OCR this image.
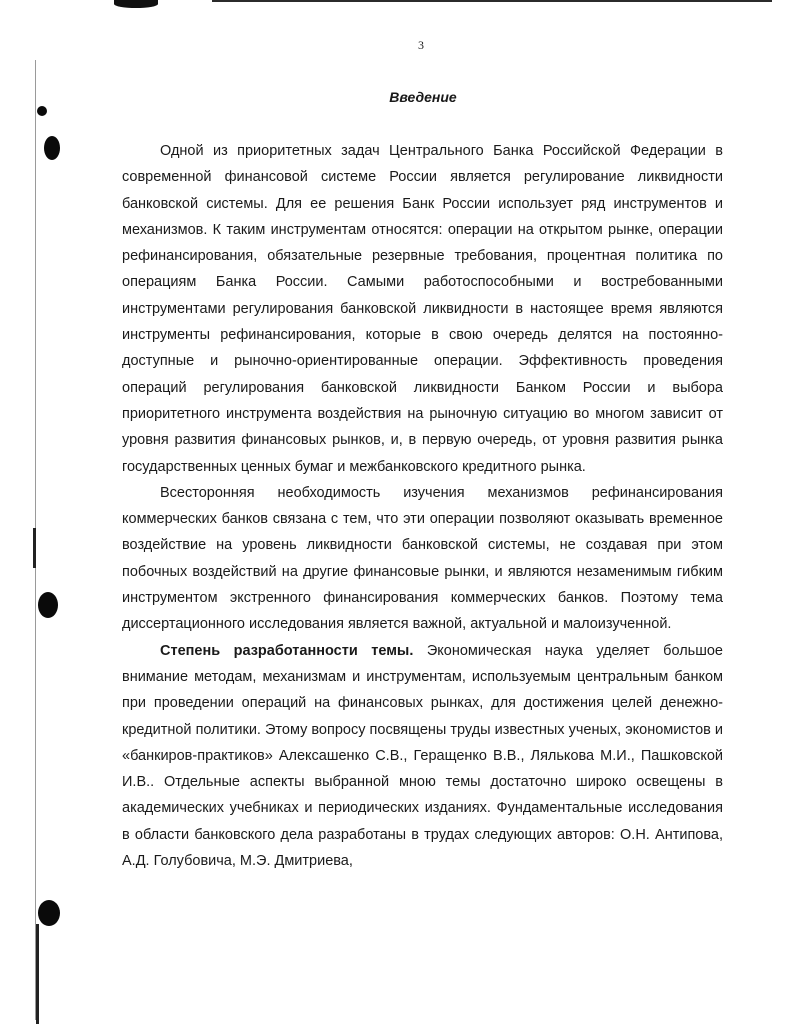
3
Введение

Одной из приоритетных задач Центрального Банка Российской Федерации в современной финансовой системе России является регулирование ликвидности банковской системы. Для ее решения Банк России использует ряд инструментов и механизмов. К таким инструментам относятся: операции на открытом рынке, операции рефинансирования, обязательные резервные требования, процентная политика по операциям Банка России. Самыми работоспособными и востребованными инструментами регулирования банковской ликвидности в настоящее время являются инструменты рефинансирования, которые в свою очередь делятся на постоянно-доступные и рыночно-ориентированные операции. Эффективность проведения операций регулирования банковской ликвидности Банком России и выбора приоритетного инструмента воздействия на рыночную ситуацию во многом зависит от уровня развития финансовых рынков, и, в первую очередь, от уровня развития рынка государственных ценных бумаг и межбанковского кредитного рынка.

Всесторонняя необходимость изучения механизмов рефинансирования коммерческих банков связана с тем, что эти операции позволяют оказывать временное воздействие на уровень ликвидности банковской системы, не создавая при этом побочных воздействий на другие финансовые рынки, и являются незаменимым гибким инструментом экстренного финансирования коммерческих банков. Поэтому тема диссертационного исследования является важной, актуальной и малоизученной.

Степень разработанности темы. Экономическая наука уделяет большое внимание методам, механизмам и инструментам, используемым центральным банком при проведении операций на финансовых рынках, для достижения целей денежно-кредитной политики. Этому вопросу посвящены труды известных ученых, экономистов и «банкиров-практиков» Алексашенко С.В., Геращенко В.В., Лялькова М.И., Пашковской И.В.. Отдельные аспекты выбранной мною темы достаточно широко освещены в академических учебниках и периодических изданиях. Фундаментальные исследования в области банковского дела разработаны в трудах следующих авторов: О.Н. Антипова, А.Д. Голубовича, М.Э. Дмитриева,
